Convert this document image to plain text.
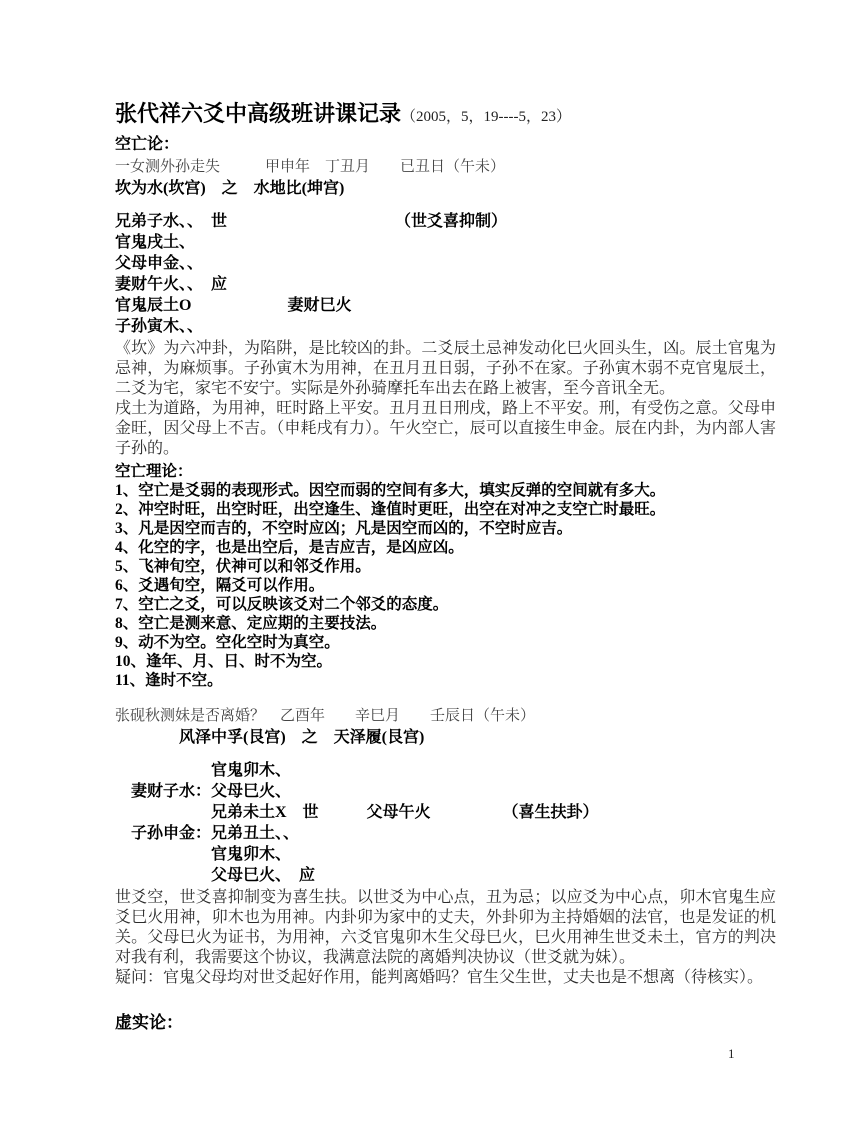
张代祥六爻中高级班讲课记录（2005，5，19----5，23）
空亡论：
一女测外孙走失　　　甲申年　丁丑月　　已丑日（午未）
坎为水(坎宫)　之　水地比(坤宫)
兄弟子水、、　世　　　　　　　　　　　（世爻喜抑制）
官鬼戌土、
父母申金、、
妻财午火、、　应
官鬼辰土O　　　　　　妻财巳火
子孙寅木、、

《坎》为六冲卦，为陷阱，是比较凶的卦。二爻辰土忌神发动化巳火回头生，凶。辰土官鬼为忌神，为麻烦事。子孙寅木为用神，在丑月丑日弱，子孙不在家。子孙寅木弱不克官鬼辰土，二爻为宅，家宅不安宁。实际是外孙骑摩托车出去在路上被害，至今音讯全无。

戌土为道路，为用神，旺时路上平安。丑月丑日刑戌，路上不平安。刑，有受伤之意。父母申金旺，因父母上不吉。（申耗戌有力）。午火空亡，辰可以直接生申金。辰在内卦，为内部人害子孙的。

空亡理论：
1、空亡是爻弱的表现形式。因空而弱的空间有多大，填实反弹的空间就有多大。
2、冲空时旺，出空时旺，出空逢生、逢值时更旺，出空在对冲之支空亡时最旺。
3、凡是因空而吉的，不空时应凶；凡是因空而凶的，不空时应吉。
4、化空的字，也是出空后，是吉应吉，是凶应凶。
5、飞神旬空，伏神可以和邻爻作用。
6、爻遇旬空，隔爻可以作用。
7、空亡之爻，可以反映该爻对二个邻爻的态度。
8、空亡是测来意、定应期的主要技法。
9、动不为空。空化空时为真空。
10、逢年、月、日、时不为空。
11、逢时不空。
张砚秋测妹是否离婚？　乙酉年　　辛巳月　　壬辰日（午未）
风泽中孚(艮宫)　之　天泽履(艮宫)
　　　　　　官鬼卯木、
　妻财子水：父母巳火、
　　　　　　兄弟未土X　世　　　父母午火　　　　　（喜生扶卦）
　子孙申金：兄弟丑土、、
　　　　　　官鬼卯木、
　　　　　　父母巳火、　应

世爻空，世爻喜抑制变为喜生扶。以世爻为中心点，丑为忌；以应爻为中心点，卯木官鬼生应爻巳火用神，卯木也为用神。内卦卯为家中的丈夫，外卦卯为主持婚姻的法官，也是发证的机关。父母巳火为证书，为用神，六爻官鬼卯木生父母巳火，巳火用神生世爻未土，官方的判决对我有利，我需要这个协议，我满意法院的离婚判决协议（世爻就为妹）。

疑问：官鬼父母均对世爻起好作用，能判离婚吗？官生父生世，丈夫也是不想离（待核实）。

虚实论：
1
